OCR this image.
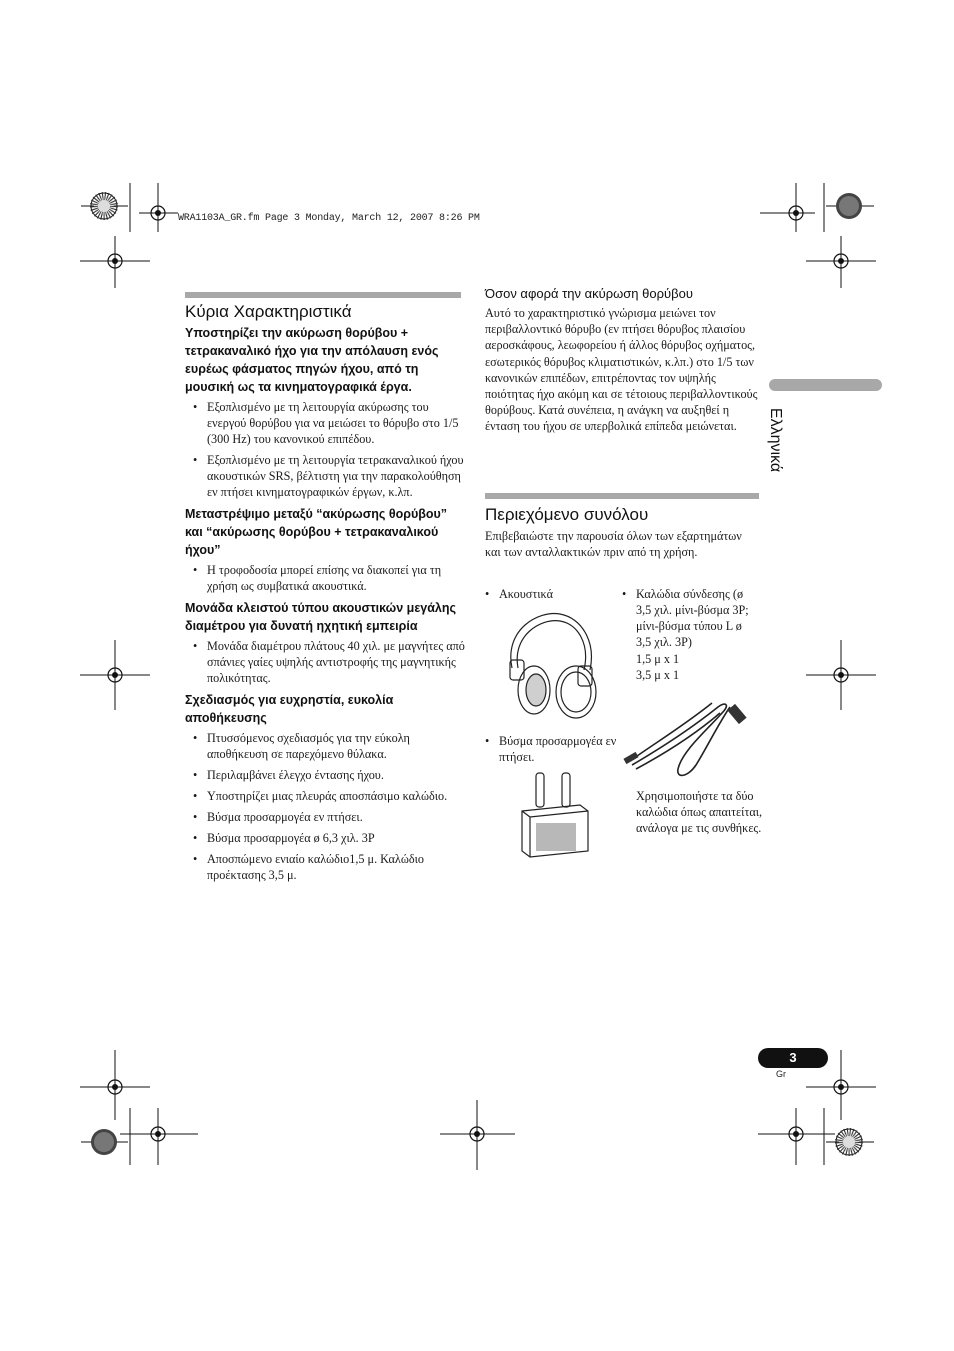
WRA1103A_GR.fm Page 3 Monday, March 12, 2007 8:26 PM
Κύρια Χαρακτηριστικά
Υποστηρίζει την ακύρωση θορύβου + τετρακαναλικό ήχο για την απόλαυση ενός ευρέως φάσματος πηγών ήχου, από τη μουσική ως τα κινηματογραφικά έργα.
• Εξοπλισμένο με τη λειτουργία ακύρωσης του ενεργού θορύβου για να μειώσει το θόρυβο στο 1/5 (300 Hz) του κανονικού επιπέδου.
• Εξοπλισμένο με τη λειτουργία τετρακαναλικού ήχου ακουστικών SRS, βέλτιστη για την παρακολούθηση εν πτήσει κινηματογραφικών έργων, κ.λπ.
Μεταστρέψιμο μεταξύ “ακύρωσης θορύβου” και “ακύρωσης θορύβου + τετρακαναλικού ήχου”
• Η τροφοδοσία μπορεί επίσης να διακοπεί για τη χρήση ως συμβατικά ακουστικά.
Μονάδα κλειστού τύπου ακουστικών μεγάλης διαμέτρου για δυνατή ηχητική εμπειρία
• Μονάδα διαμέτρου πλάτους 40 χιλ. με μαγνήτες από σπάνιες γαίες υψηλής αντιστροφής της μαγνητικής πολικότητας.
Σχεδιασμός για ευχρηστία, ευκολία αποθήκευσης
• Πτυσσόμενος σχεδιασμός για την εύκολη αποθήκευση σε παρεχόμενο θύλακα.
• Περιλαμβάνει έλεγχο έντασης ήχου.
• Υποστηρίζει μιας πλευράς αποσπάσιμο καλώδιο.
• Βύσμα προσαρμογέα εν πτήσει.
• Βύσμα προσαρμογέα ø 6,3 χιλ. 3P
• Αποσπώμενο ενιαίο καλώδιο1,5 μ. Καλώδιο προέκτασης 3,5 μ.
Όσον αφορά την ακύρωση θορύβου
Αυτό το χαρακτηριστικό γνώρισμα μειώνει τον περιβαλλοντικό θόρυβο (εν πτήσει θόρυβος πλαισίου αεροσκάφους, λεωφορείου ή άλλος θόρυβος οχήματος, εσωτερικός θόρυβος κλιματιστικών, κ.λπ.) στο 1/5 των κανονικών επιπέδων, επιτρέποντας τον υψηλής ποιότητας ήχο ακόμη και σε τέτοιους περιβαλλοντικούς θορύβους. Κατά συνέπεια, η ανάγκη να αυξηθεί η ένταση του ήχου σε υπερβολικά επίπεδα μειώνεται.
Περιεχόμενο συνόλου
Επιβεβαιώστε την παρουσία όλων των εξαρτημάτων και των ανταλλακτικών πριν από τη χρήση.
• Ακουστικά
•	Καλώδια σύνδεσης (ø 3,5 χιλ. μίνι-βύσμα 3P; μίνι-βύσμα τύπου L ø 3,5 χιλ. 3P)
1,5 μ x 1
3,5 μ x 1
• Βύσμα προσαρμογέα εν πτήσει.
Χρησιμοποιήστε τα δύο καλώδια όπως απαιτείται, ανάλογα με τις συνθήκες.
Ελληνικά
3
Gr
